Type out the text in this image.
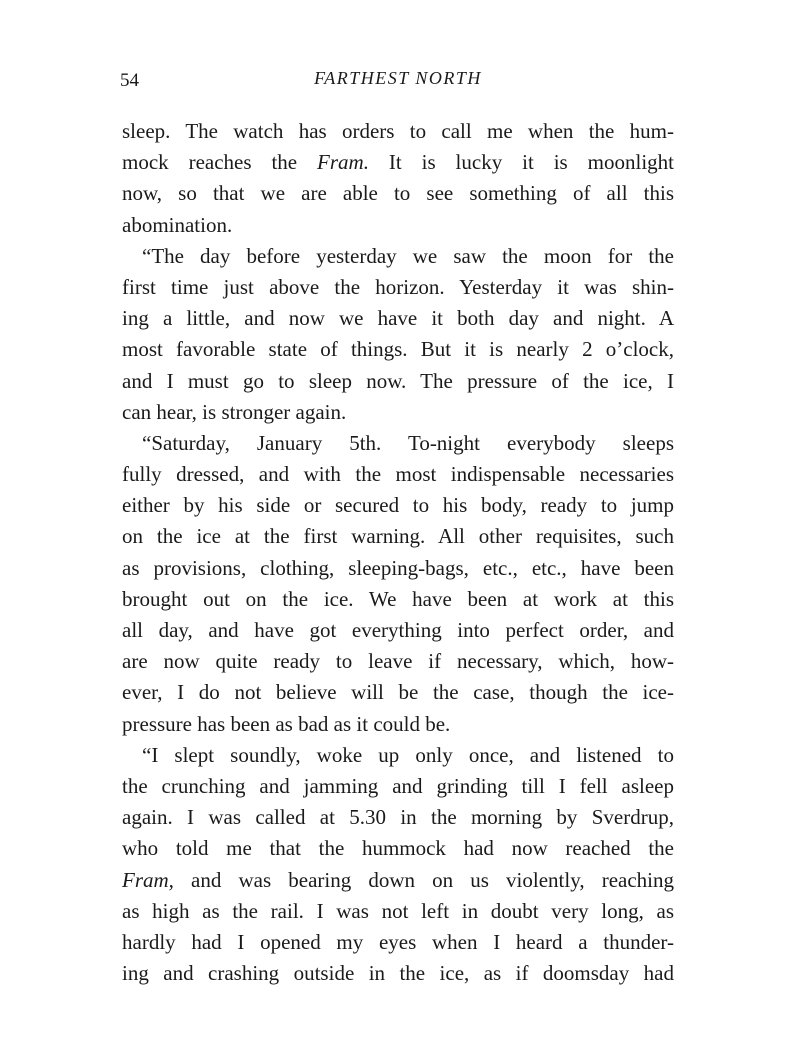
54	FARTHEST NORTH
sleep. The watch has orders to call me when the hum-
mock reaches the Fram. It is lucky it is moonlight
now, so that we are able to see something of all this
abomination.
“The day before yesterday we saw the moon for the
first time just above the horizon. Yesterday it was shin-
ing a little, and now we have it both day and night. A
most favorable state of things. But it is nearly 2 o’clock,
and I must go to sleep now. The pressure of the ice, I
can hear, is stronger again.
“Saturday, January 5th. To-night everybody sleeps
fully dressed, and with the most indispensable necessaries
either by his side or secured to his body, ready to jump
on the ice at the first warning. All other requisites, such
as provisions, clothing, sleeping-bags, etc., etc., have been
brought out on the ice. We have been at work at this
all day, and have got everything into perfect order, and
are now quite ready to leave if necessary, which, how-
ever, I do not believe will be the case, though the ice-
pressure has been as bad as it could be.
“I slept soundly, woke up only once, and listened to
the crunching and jamming and grinding till I fell asleep
again. I was called at 5.30 in the morning by Sverdrup,
who told me that the hummock had now reached the
Fram, and was bearing down on us violently, reaching
as high as the rail. I was not left in doubt very long, as
hardly had I opened my eyes when I heard a thunder-
ing and crashing outside in the ice, as if doomsday had
